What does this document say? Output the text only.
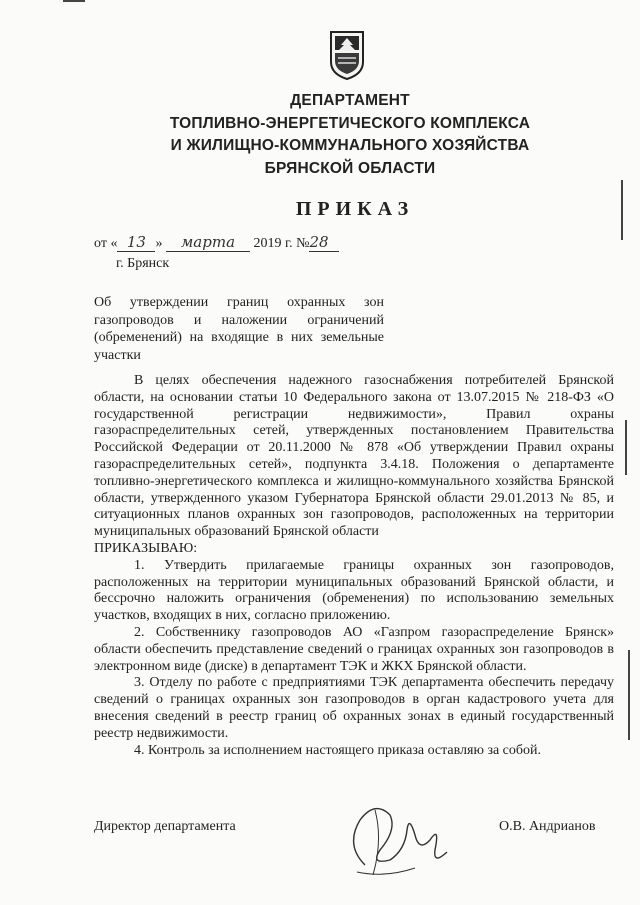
ДЕПАРТАМЕНТ
ТОПЛИВНО-ЭНЕРГЕТИЧЕСКОГО КОМПЛЕКСА
И ЖИЛИЩНО-КОММУНАЛЬНОГО ХОЗЯЙСТВА
БРЯНСКОЙ ОБЛАСТИ
ПРИКАЗ
от « 13 » марта 2019 г. №28
г. Брянск
Об утверждении границ охранных зон газопроводов и наложении ограничений (обременений) на входящие в них земельные участки

В целях обеспечения надежного газоснабжения потребителей Брянской области, на основании статьи 10 Федерального закона от 13.07.2015 № 218-ФЗ «О государственной регистрации недвижимости», Правил охраны газораспределительных сетей, утвержденных постановлением Правительства Российской Федерации от 20.11.2000 № 878 «Об утверждении Правил охраны газораспределительных сетей», подпункта 3.4.18. Положения о департаменте топливно-энергетического комплекса и жилищно-коммунального хозяйства Брянской области, утвержденного указом Губернатора Брянской области 29.01.2013 № 85, и ситуационных планов охранных зон газопроводов, расположенных на территории муниципальных образований Брянской области

ПРИКАЗЫВАЮ:

1. Утвердить прилагаемые границы охранных зон газопроводов, расположенных на территории муниципальных образований Брянской области, и бессрочно наложить ограничения (обременения) по использованию земельных участков, входящих в них, согласно приложению.

2. Собственнику газопроводов АО «Газпром газораспределение Брянск» области обеспечить представление сведений о границах охранных зон газопроводов в электронном виде (диске) в департамент ТЭК и ЖКХ Брянской области.

3. Отделу по работе с предприятиями ТЭК департамента обеспечить передачу сведений о границах охранных зон газопроводов в орган кадастрового учета для внесения сведений в реестр границ об охранных зонах в единый государственный реестр недвижимости.

4. Контроль за исполнением настоящего приказа оставляю за собой.

Директор департамента	О.В. Андрианов
